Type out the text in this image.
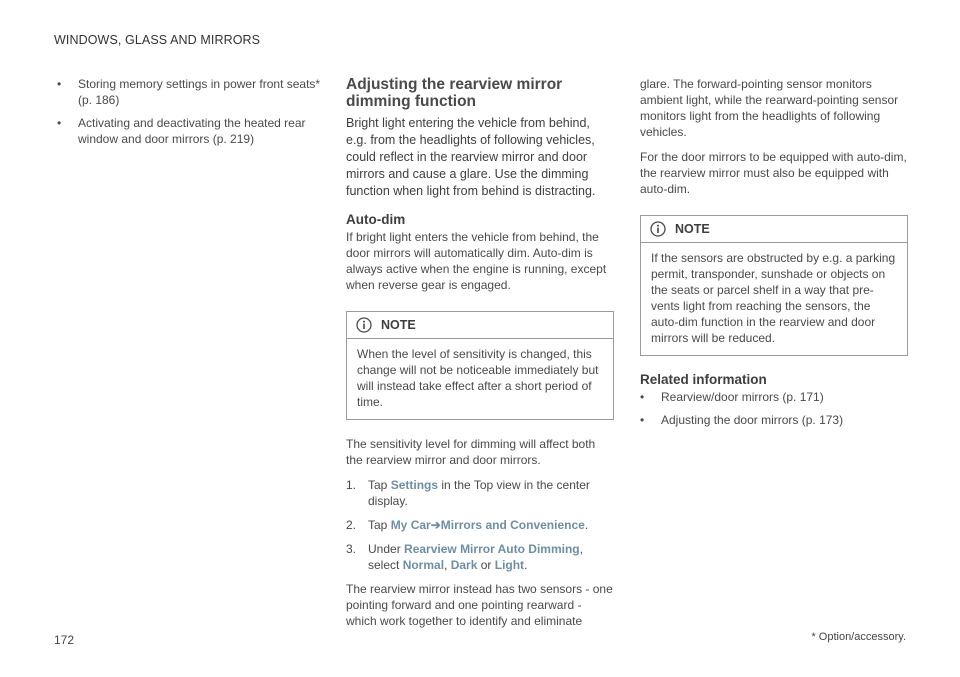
WINDOWS, GLASS AND MIRRORS
•	Storing memory settings in power front seats* (p. 186)
•	Activating and deactivating the heated rear window and door mirrors (p. 219)
Adjusting the rearview mirror dimming function

Bright light entering the vehicle from behind, e.g. from the headlights of following vehicles, could reflect in the rearview mirror and door mirrors and cause a glare. Use the dimming function when light from behind is distracting.

Auto-dim

If bright light enters the vehicle from behind, the door mirrors will automatically dim. Auto-dim is always active when the engine is running, except when reverse gear is engaged.

NOTE
When the level of sensitivity is changed, this change will not be noticeable immediately but will instead take effect after a short period of time.

The sensitivity level for dimming will affect both the rearview mirror and door mirrors.

1. Tap Settings in the Top view in the center display.
2. Tap My Car➔Mirrors and Convenience.
3. Under Rearview Mirror Auto Dimming, select Normal, Dark or Light.

The rearview mirror instead has two sensors - one pointing forward and one pointing rearward - which work together to identify and eliminate

glare. The forward-pointing sensor monitors ambient light, while the rearward-pointing sensor monitors light from the headlights of following vehicles.

For the door mirrors to be equipped with auto-dim, the rearview mirror must also be equipped with auto-dim.

NOTE
If the sensors are obstructed by e.g. a parking permit, transponder, sunshade or objects on the seats or parcel shelf in a way that pre-vents light from reaching the sensors, the auto-dim function in the rearview and door mirrors will be reduced.
Related information
•	Rearview/door mirrors (p. 171)
•	Adjusting the door mirrors (p. 173)
172	* Option/accessory.
